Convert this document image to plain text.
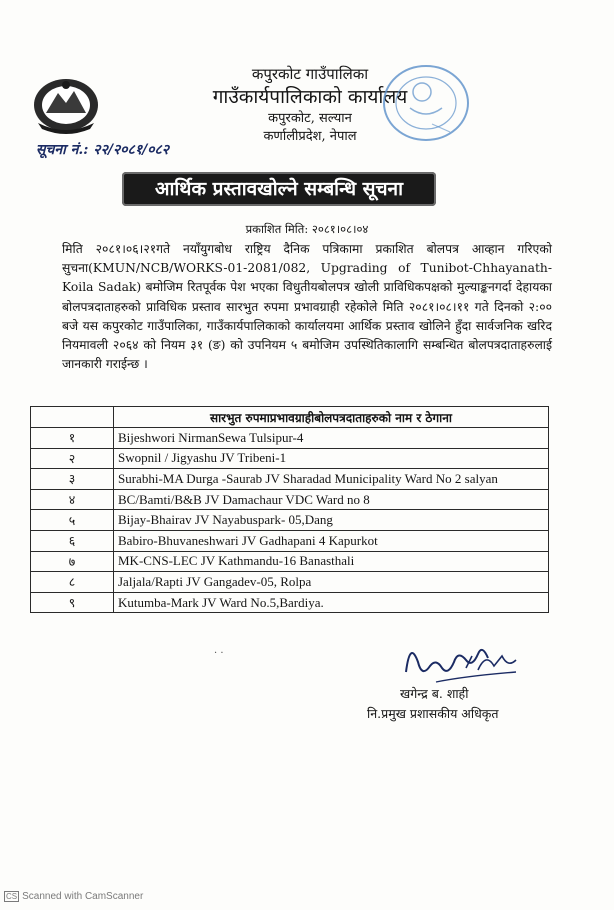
कपुरकोट गाउँपालिका
गाउँकार्यपालिकाको कार्यालय
कपुरकोट, सल्यान
कर्णालीप्रदेश, नेपाल
सूचना नं.: २२/२०८१/०८२
आर्थिक प्रस्तावखोल्ने सम्बन्धि सूचना
प्रकाशित मिति: २०८१।०८।०४
मिति २०८१।०६।२१गते नयाँयुगबोध राष्ट्रिय दैनिक पत्रिकामा प्रकाशित बोलपत्र आव्हान गरिएको सुचना(KMUN/NCB/WORKS-01-2081/082, Upgrading of Tunibot-Chhayanath-Koila Sadak) बमोजिम रितपूर्वक पेश भएका विधुतीयबोलपत्र खोली प्राविधिकपक्षको मुल्याङ्कनगर्दा देहायका बोलपत्रदाताहरुको प्राविधिक प्रस्ताव सारभुत रुपमा प्रभावग्राही रहेकोले मिति २०८१।०८।११ गते दिनको २:०० बजे यस कपुरकोट गाउँपालिका, गाउँकार्यपालिकाको कार्यालयमा आर्थिक प्रस्ताव खोलिने हुँदा सार्वजनिक खरिद नियमावली २०६४ को नियम ३१ (ङ) को उपनियम ५ बमोजिम उपस्थितिकालागि सम्बन्धित बोलपत्रदाताहरुलाई जानकारी गराईन्छ ।
	सारभुत रुपमाप्रभावग्राहीबोलपत्रदाताहरुको नाम र ठेगाना
१	Bijeshwori NirmanSewa Tulsipur-4
२	Swopnil / Jigyashu JV Tribeni-1
३	Surabhi-MA Durga -Saurab JV Sharadad Municipality Ward No 2 salyan
४	BC/Bamti/B&B JV Damachaur VDC Ward no 8
५	Bijay-Bhairav JV Nayabuspark- 05,Dang
६	Babiro-Bhuvaneshwari JV Gadhapani 4 Kapurkot
७	MK-CNS-LEC JV Kathmandu-16 Banasthali
८	Jaljala/Rapti JV Gangadev-05, Rolpa
९	Kutumba-Mark JV Ward No.5,Bardiya.
· ·
खगेन्द्र ब. शाही
नि.प्रमुख प्रशासकीय अधिकृत
CS Scanned with CamScanner
